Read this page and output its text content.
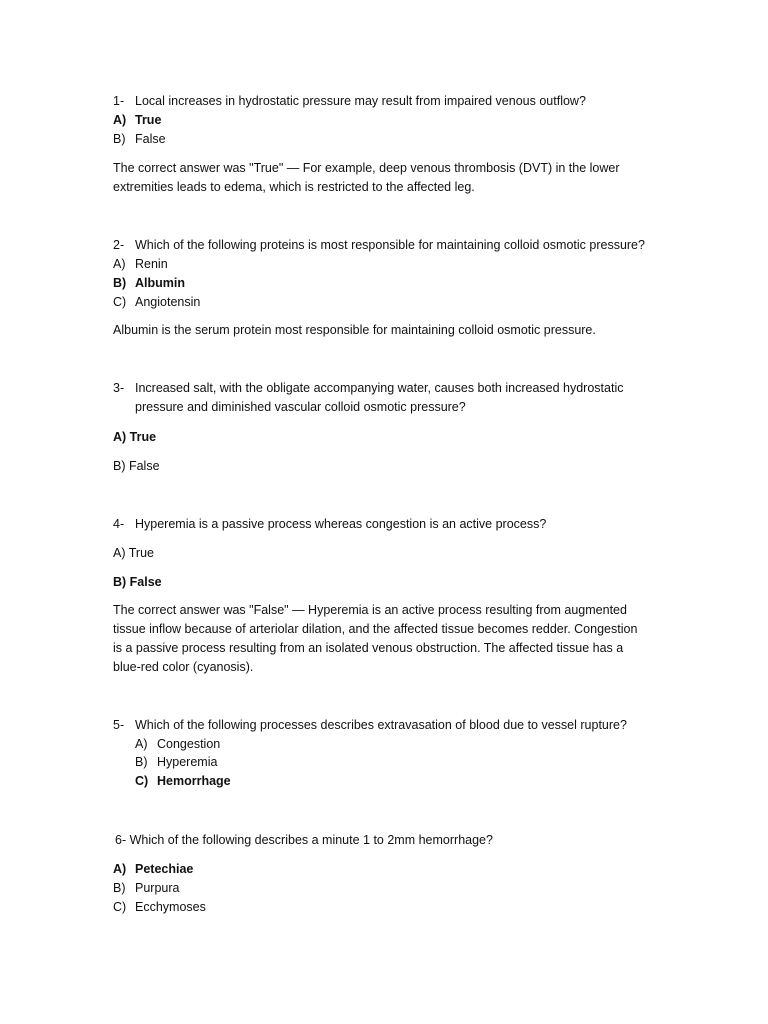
1- Local increases in hydrostatic pressure may result from impaired venous outflow?
A) True
B) False
The correct answer was "True" — For example, deep venous thrombosis (DVT) in the lower extremities leads to edema, which is restricted to the affected leg.
2- Which of the following proteins is most responsible for maintaining colloid osmotic pressure?
A) Renin
B) Albumin
C) Angiotensin
Albumin is the serum protein most responsible for maintaining colloid osmotic pressure.
3- Increased salt, with the obligate accompanying water, causes both increased hydrostatic
pressure and diminished vascular colloid osmotic pressure?
A) True
B) False
4- Hyperemia is a passive process whereas congestion is an active process?
A) True
B) False
The correct answer was "False" — Hyperemia is an active process resulting from augmented tissue inflow because of arteriolar dilation, and the affected tissue becomes redder. Congestion is a passive process resulting from an isolated venous obstruction. The affected tissue has a blue-red color (cyanosis).
5- Which of the following processes describes extravasation of blood due to vessel rupture?
A) Congestion
B) Hyperemia
C) Hemorrhage
6- Which of the following describes a minute 1 to 2mm hemorrhage?
A) Petechiae
B) Purpura
C) Ecchymoses
